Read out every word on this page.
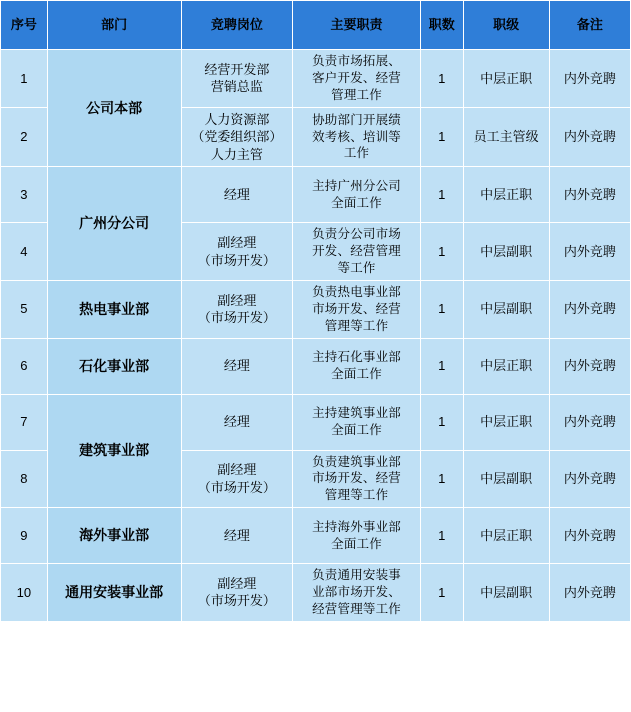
序号	部门	竞聘岗位	主要职责	职数	职级	备注
1	公司本部	经营开发部
营销总监	负责市场拓展、
客户开发、经营
管理工作	1	中层正职	内外竞聘
2		人力资源部
（党委组织部）
人力主管	协助部门开展绩
效考核、培训等
工作	1	员工主管级	内外竞聘
3	广州分公司	经理	主持广州分公司
全面工作	1	中层正职	内外竞聘
4		副经理
（市场开发）	负责分公司市场
开发、经营管理
等工作	1	中层副职	内外竞聘
5	热电事业部	副经理
（市场开发）	负责热电事业部
市场开发、经营
管理等工作	1	中层副职	内外竞聘
6	石化事业部	经理	主持石化事业部
全面工作	1	中层正职	内外竞聘
7	建筑事业部	经理	主持建筑事业部
全面工作	1	中层正职	内外竞聘
8		副经理
（市场开发）	负责建筑事业部
市场开发、经营
管理等工作	1	中层副职	内外竞聘
9	海外事业部	经理	主持海外事业部
全面工作	1	中层正职	内外竞聘
10	通用安装事业部	副经理
（市场开发）	负责通用安装事
业部市场开发、
经营管理等工作	1	中层副职	内外竞聘
